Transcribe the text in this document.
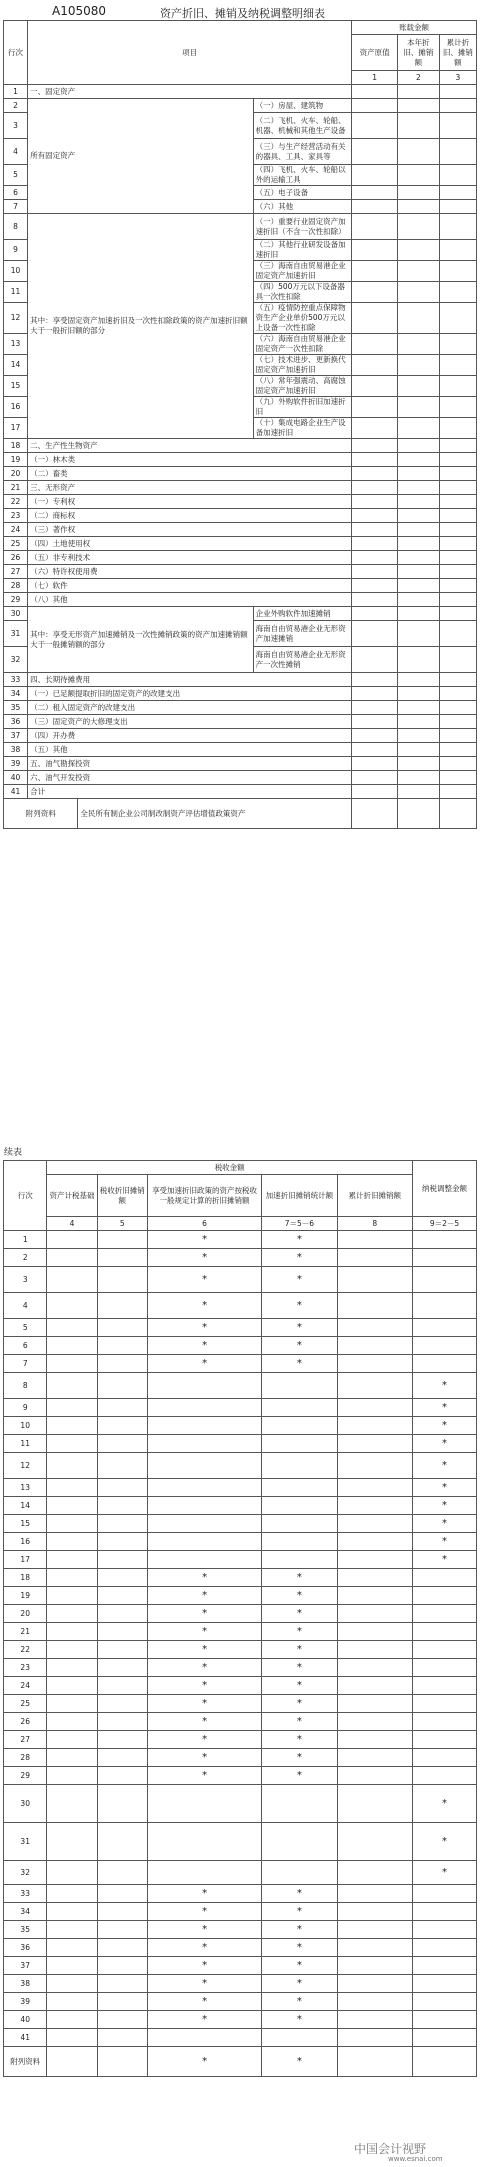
A105080	资产折旧、摊销及纳税调整明细表
行次	项目			账载金额		
				资产原值	本年折旧、摊销额	累计折旧、摊销额
				1	2	3
1	一、固定资产					
2	所有固定资产		（一）房屋、建筑物			
3			（二）飞机、火车、轮船、机器、机械和其他生产设备			
4			（三）与生产经营活动有关的器具、工具、家具等			
5			（四）飞机、火车、轮船以外的运输工具			
6			（五）电子设备			
7			（六）其他			
8	其中：享受固定资产加速折旧及一次性扣除政策的资产加速折旧额大于一般折旧额的部分		（一）重要行业固定资产加速折旧（不含一次性扣除）			
9			（二）其他行业研发设备加速折旧			
10			（三）海南自由贸易港企业固定资产加速折旧			
11			（四）500万元以下设备器具一次性扣除			
12			（五）疫情防控重点保障物资生产企业单价500万元以上设备一次性扣除			
13			（六）海南自由贸易港企业固定资产一次性扣除			
14			（七）技术进步、更新换代固定资产加速折旧			
15			（八）常年强震动、高腐蚀固定资产加速折旧			
16			（九）外购软件折旧加速折旧			
17			（十）集成电路企业生产设备加速折旧			
18	二、生产性生物资产					
19	（一）林木类					
20	（二）畜类					
21	三、无形资产					
22	（一）专利权					
23	（二）商标权					
24	（三）著作权					
25	（四）土地使用权					
26	（五）非专利技术					
27	（六）特许权使用费					
28	（七）软件					
29	（八）其他					
30	其中：享受无形资产加速摊销及一次性摊销政策的资产加速摊销额大于一般摊销额的部分		企业外购软件加速摊销			
31			海南自由贸易港企业无形资产加速摊销			
32			海南自由贸易港企业无形资产一次性摊销			
33	四、长期待摊费用					
34	（一）已足额提取折旧的固定资产的改建支出					
35	（二）租入固定资产的改建支出					
36	（三）固定资产的大修理支出					
37	（四）开办费					
38	（五）其他					
39	五、油气勘探投资					
40	六、油气开发投资					
41	合计					
附列资料		全民所有制企业公司制改制资产评估增值政策资产				
续表
行次	税收金额					纳税调整金额
	资产计税基础	税收折旧摊销额	享受加速折旧政策的资产按税收一般规定计算的折旧摊销额	加速折旧摊销统计额	累计折旧摊销额	
	4	5	6	7＝5－6	8	9＝2－5
1			*	*		
2			*	*		
3			*	*		
4			*	*		
5			*	*		
6			*	*		
7			*	*		
8						*
9						*
10						*
11						*
12						*
13						*
14						*
15						*
16						*
17						*
18			*	*		
19			*	*		
20			*	*		
21			*	*		
22			*	*		
23			*	*		
24			*	*		
25			*	*		
26			*	*		
27			*	*		
28			*	*		
29			*	*		
30						*
31						*
32						*
33			*	*		
34			*	*		
35			*	*		
36			*	*		
37			*	*		
38			*	*		
39			*	*		
40			*	*		
41						
附列资料			*	*		
中国会计视野
www.esnai.com
